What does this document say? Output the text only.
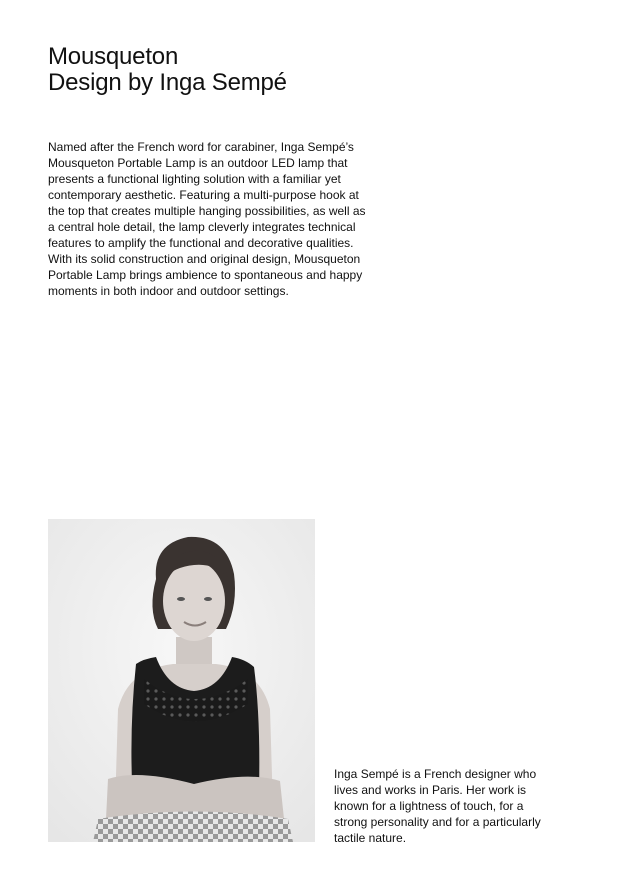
Mousqueton
Design by Inga Sempé

Named after the French word for carabiner, Inga Sempé’s
Mousqueton Portable Lamp is an outdoor LED lamp that
presents a functional lighting solution with a familiar yet
contemporary aesthetic. Featuring a multi-purpose hook at
the top that creates multiple hanging possibilities, as well as
a central hole detail, the lamp cleverly integrates technical
features to amplify the functional and decorative qualities.
With its solid construction and original design, Mousqueton
Portable Lamp brings ambience to spontaneous and happy
moments in both indoor and outdoor settings.

Inga Sempé is a French designer who
lives and works in Paris. Her work is
known for a lightness of touch, for a
strong personality and for a particularly
tactile nature.
